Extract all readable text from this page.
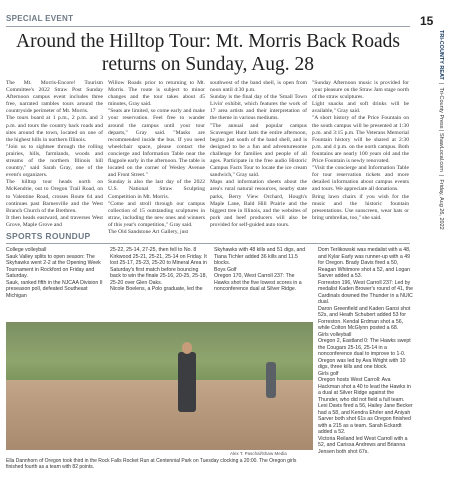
SPECIAL EVENT
Around the Hilltop Tour: Mt. Morris Back Roads returns on Sunday, Aug. 28
The Mt. Morris-Encore! Tourism Committee's 2022 Straw Post Sunday Afternoon campus event includes three free, narrated rambles tours around the countryside perimeter of Mt. Morris.
The tours board at 1 p.m., 2 p.m. and 3 p.m. and tours the country back roads and sites around the town, located on one of the highest hills in northern Illinois.
"Join us to sightsee through the rolling prairies, hills, farmlands, woods and streams of the northern Illinois hill country," said Sarah Gray, one of the event's organizers.
The hilltop tour heads north on McKendrie, out to Oregon Trail Road, on to Valentine Road, crosses Route 64 and continues past Barnesville and the West Branch Church of the Brethren.
It then heads eastward, and traverses West Grove, Maple Grove and
Willow Roads prior to returning to Mt. Morris. The route is subject to minor changes and the tour takes about 45 minutes, Gray said.
"Seats are limited, so come early and make your reservation. Feel free to wander around the campus until your tour departs," Gray said. "Masks are recommended inside the bus. If you need wheelchair space, please contact the concierge and Information Table near the flagpole early in the afternoon. The table is located on the corner of Wesley Avenue and Front Street."
Sunday is also the last day of the 2022 U.S. National Straw Sculpting Competition in Mt. Morris.
"Come and stroll through our campus collection of 15 outstanding sculptures in straw, including the new ones and winners of this year's competition," Gray said.
The Old Sandstone Art Gallery, just
southwest of the band shell, is open from noon until 4:30 p.m.
Sunday is the final day of the 'Small Town Livin' exhibit, which features the work of 17 area artists and their interpretation of the theme in various mediums.
"The annual and popular campus Scavenger Hunt lasts the entire afternoon, begins just south of the band shell, and is designed to be a fun and adventuresome challenge for families and people of all ages. Participate in the free audio Historic Campus Facts Tour to locate the ice cream sandwich," Gray said.
Maps and information sheets about the area's rural natural resources, nearby state parks, Berry View Orchard, Hough's Maple Lane, Bald Hill Prairie and the biggest tree in Illinois, and the websites of pork and beef producers will also be provided for self-guided auto tours.
"Sunday Afternoon music is provided for your pleasure on the Straw Jam stage north of the straw sculptures.
Light snacks and soft drinks will be available," Gray said.
"A short history of the Price Fountain on the south campus will be presented at 1:30 p.m. and 3:15 p.m. The Veterans Memorial Fountain history will be shared at 2:30 p.m. and 4 p.m. on the north campus. Both fountains are nearly 100 years old and the Price Fountain is newly renovated.
"Visit the concierge and Information Table for tour reservation tickets and more detailed information about campus events and tours. We appreciate all donations.
Bring lawn chairs if you wish for the music and the historic fountain presentations. Use sunscreen, wear hats or bring umbrellas, too," she said.
15
TRI-COUNTY REAT  |  Tri-County Press | ShawLocal.com  |  Friday, Aug 26, 2022
SPORTS ROUNDUP
College volleyball
Sauk Valley splits to open season: The Skyhawks went 2-2 at the Opening Week Tournament in Rockford on Friday and Saturday.
Sauk, ranked fifth in the NJCAA Division II preseason poll, defeated Southeast Michigan
25-22, 25-14, 27-25, then fell to No. 8 Kirkwood 25-21, 25-21, 25-14 on Friday. It lost 25-17, 25-23, 25-20 to Mineral Area in Saturday's first match before bouncing back to win the finale 25-16, 20-25, 25-18, 25-20 over Glen Oaks.
Nicole Boelens, a Polo graduate, led the
Skyhawks with 48 kills and 51 digs, and Tiana Tichler added 36 kills and 11.5 blocks.
Boys Golf
Oregon 170, West Carroll 237: The Hawks shot the five lowest scores in a nonconference dual at Silver Ridge.
Dom Terlikowski was medalist with a 48, and Kylar Early was runner-up with a 49 for Oregon. Brady Davis fired a 50, Reagan Whitmore shot a 52, and Logan Sarver added a 53.
Forreston 196, West Carroll 237: Led by medalist Kaden Brower's round of 41, the Cardinals downed the Thunder in a NUIC dual.
Daron Greenfield and Kaden Gansi shot 52s, and Heath Schubert added 53 for Forreston. Kendal Erdman shot a 56, while Colton McGlynn posted a 68.
Girls volleyball
Oregon 2, Eastland 0: The Hawks swept the Cougars 25-16, 25-14 in a nonconference dual to improve to 1-0.
Oregon was led by Ava Wright with 10 digs, three kills and one block.
Girls golf
Oregon hosts West Carroll: Ava Hackman shot a 40 to lead the Hawks in a dual at Silver Ridge against the Thunder, who did not field a full team.
Lexi Davis fired a 56, Hailey Jane Becker had a 58, and Kendra Ehrler and Aniyah Sarver both shot 61s as Oregon finished with a 215 as a team. Sarah Eckardt added a 52.
Victoria Reiland led West Carroll with a 52, and Carissa Andrews and Brianna Jensen both shot 67s.
Alex T. Paschal/Shaw Media
Ella Dannhorn of Oregon took third in the Rock Falls Rocket Run at Centennial Park on Tuesday clocking a 20:00. The Oregon girls finished fourth as a team with 82 points.
